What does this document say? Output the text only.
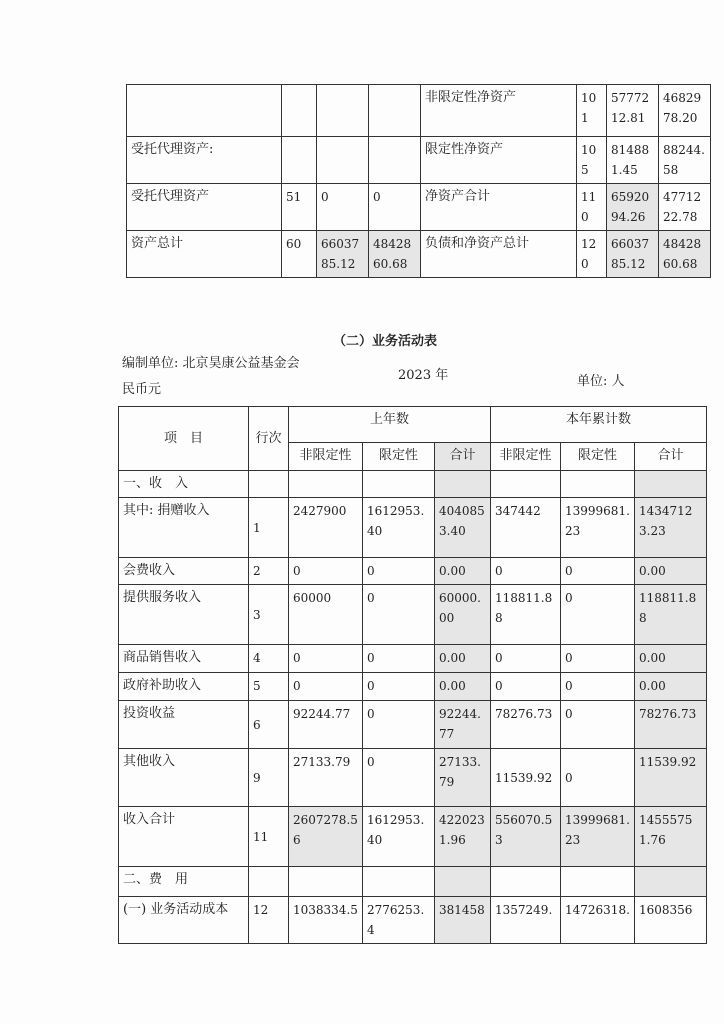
				非限定性净资产	101	5777212.81	4682978.20
受托代理资产:				限定性净资产	105	814881.45	88244.58
受托代理资产	51	0	0	净资产合计	110	6592094.26	4771222.78
资产总计	60	6603785.12	4842860.68	负债和净资产总计	120	6603785.12	4842860.68
（二）业务活动表
编制单位: 北京昊康公益基金会
2023 年	单位: 人
民币元
项　目	行次	上年数			本年累计数		
		非限定性	限定性	合计	非限定性	限定性	合计
一、收　入							
其中: 捐赠收入	1	2427900	1612953.40	4040853.40	347442	13999681.23	14347123.23
会费收入	2	0	0	0.00	0	0	0.00
提供服务收入	3	60000	0	60000.00	118811.88	0	118811.88
商品销售收入	4	0	0	0.00	0	0	0.00
政府补助收入	5	0	0	0.00	0	0	0.00
投资收益	6	92244.77	0	92244.77	78276.73	0	78276.73
其他收入	9	27133.79	0	27133.79	11539.92	0	11539.92
收入合计	11	2607278.56	1612953.40	4220231.96	556070.53	13999681.23	14555751.76
二、费　用							
(一) 业务活动成本	12	1038334.5	2776253.4	381458	1357249.	14726318.	1608356
